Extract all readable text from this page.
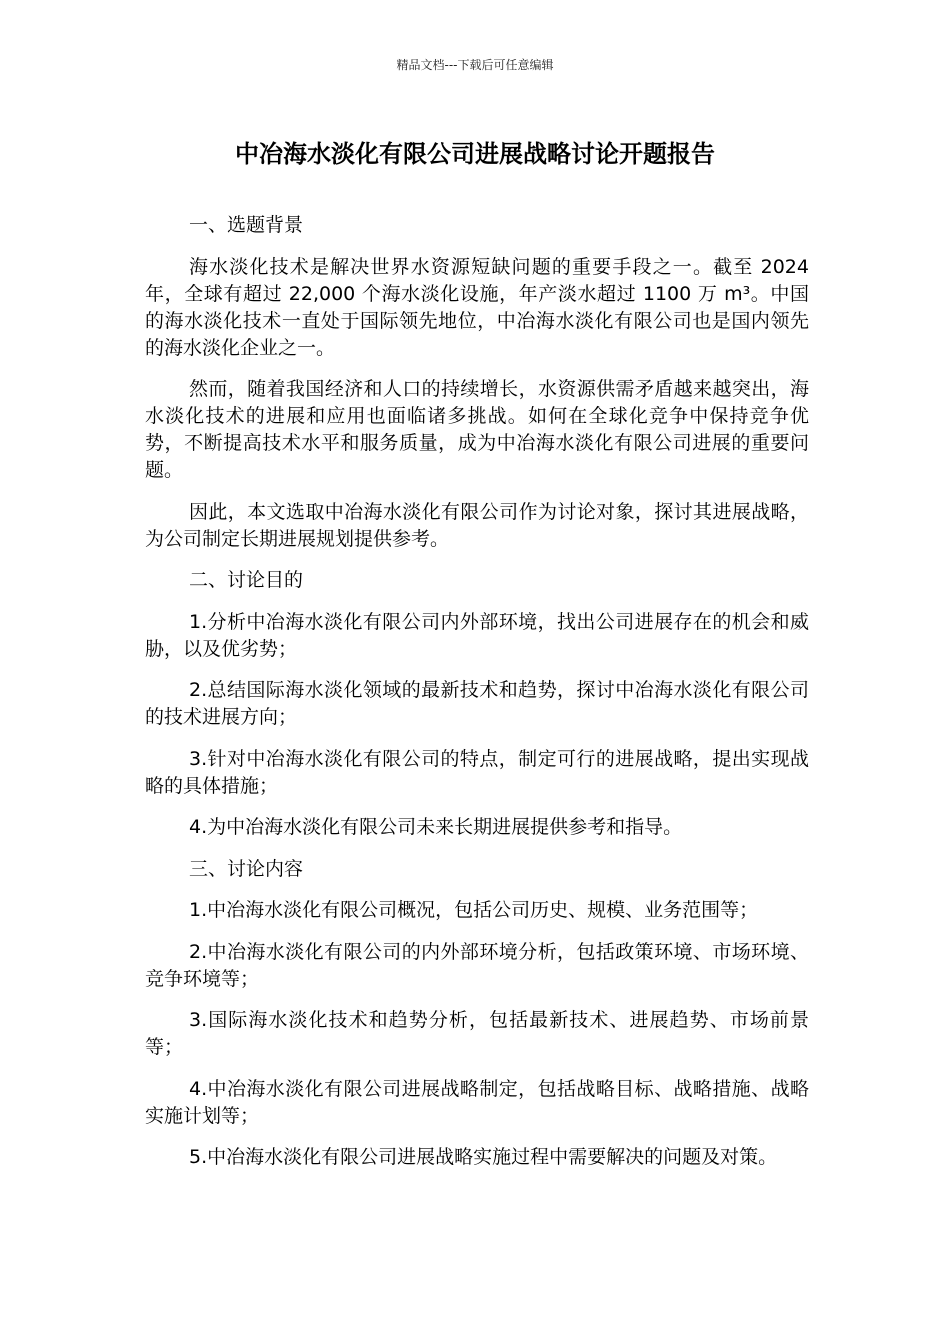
精品文档---下载后可任意编辑
中冶海水淡化有限公司进展战略讨论开题报告

一、选题背景

海水淡化技术是解决世界水资源短缺问题的重要手段之一。截至 2024 年，全球有超过 22,000 个海水淡化设施，年产淡水超过 1100 万 m³。中国的海水淡化技术一直处于国际领先地位，中冶海水淡化有限公司也是国内领先的海水淡化企业之一。

然而，随着我国经济和人口的持续增长，水资源供需矛盾越来越突出，海水淡化技术的进展和应用也面临诸多挑战。如何在全球化竞争中保持竞争优势，不断提高技术水平和服务质量，成为中冶海水淡化有限公司进展的重要问题。

因此，本文选取中冶海水淡化有限公司作为讨论对象，探讨其进展战略，为公司制定长期进展规划提供参考。

二、讨论目的

1.分析中冶海水淡化有限公司内外部环境，找出公司进展存在的机会和威胁，以及优劣势；

2.总结国际海水淡化领域的最新技术和趋势，探讨中冶海水淡化有限公司的技术进展方向；

3.针对中冶海水淡化有限公司的特点，制定可行的进展战略，提出实现战略的具体措施；

4.为中冶海水淡化有限公司未来长期进展提供参考和指导。

三、讨论内容

1.中冶海水淡化有限公司概况，包括公司历史、规模、业务范围等；

2.中冶海水淡化有限公司的内外部环境分析，包括政策环境、市场环境、竞争环境等；

3.国际海水淡化技术和趋势分析，包括最新技术、进展趋势、市场前景等；

4.中冶海水淡化有限公司进展战略制定，包括战略目标、战略措施、战略实施计划等；

5.中冶海水淡化有限公司进展战略实施过程中需要解决的问题及对策。
